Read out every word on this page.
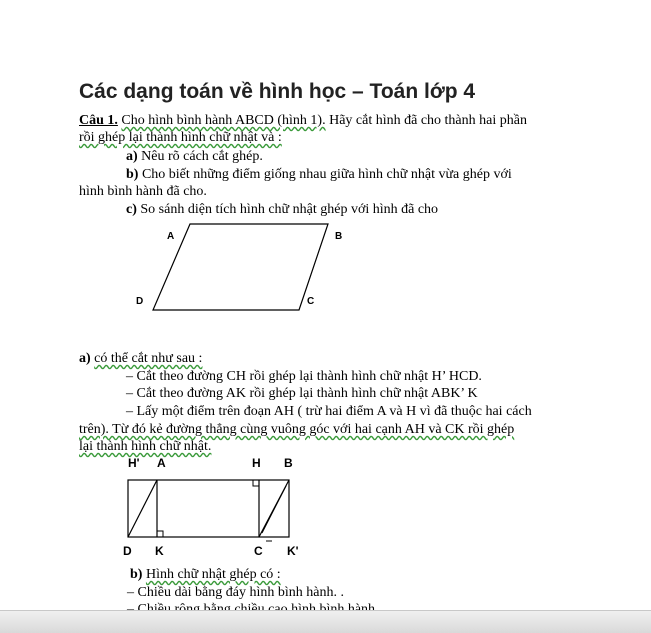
Các dạng toán về hình học – Toán lớp 4
Câu 1. Cho hình bình hành ABCD (hình 1). Hãy cắt hình đã cho thành hai phần
rồi ghép lại thành hình chữ nhật và :
a) Nêu rõ cách cắt ghép.
b) Cho biết những điểm giống nhau giữa hình chữ nhật vừa ghép với
hình bình hành đã cho.
c) So sánh diện tích hình chữ nhật ghép với hình đã cho
A	B
D	C
H' A	H B
D K	C K'
a) có thể cắt như sau :
– Cắt theo đường CH rồi ghép lại thành hình chữ nhật H’ HCD.
– Cắt theo đường AK rồi ghép lại thành hình chữ nhật ABK’ K
– Lấy một điểm trên đoạn AH ( trừ hai điểm A và H vì đã thuộc hai cách
trên). Từ đó kẻ đường thẳng cùng vuông góc với hai cạnh AH và CK rồi ghép
lại thành hình chữ nhật.
b) Hình chữ nhật ghép có :
– Chiều dài bằng đáy hình bình hành. .
